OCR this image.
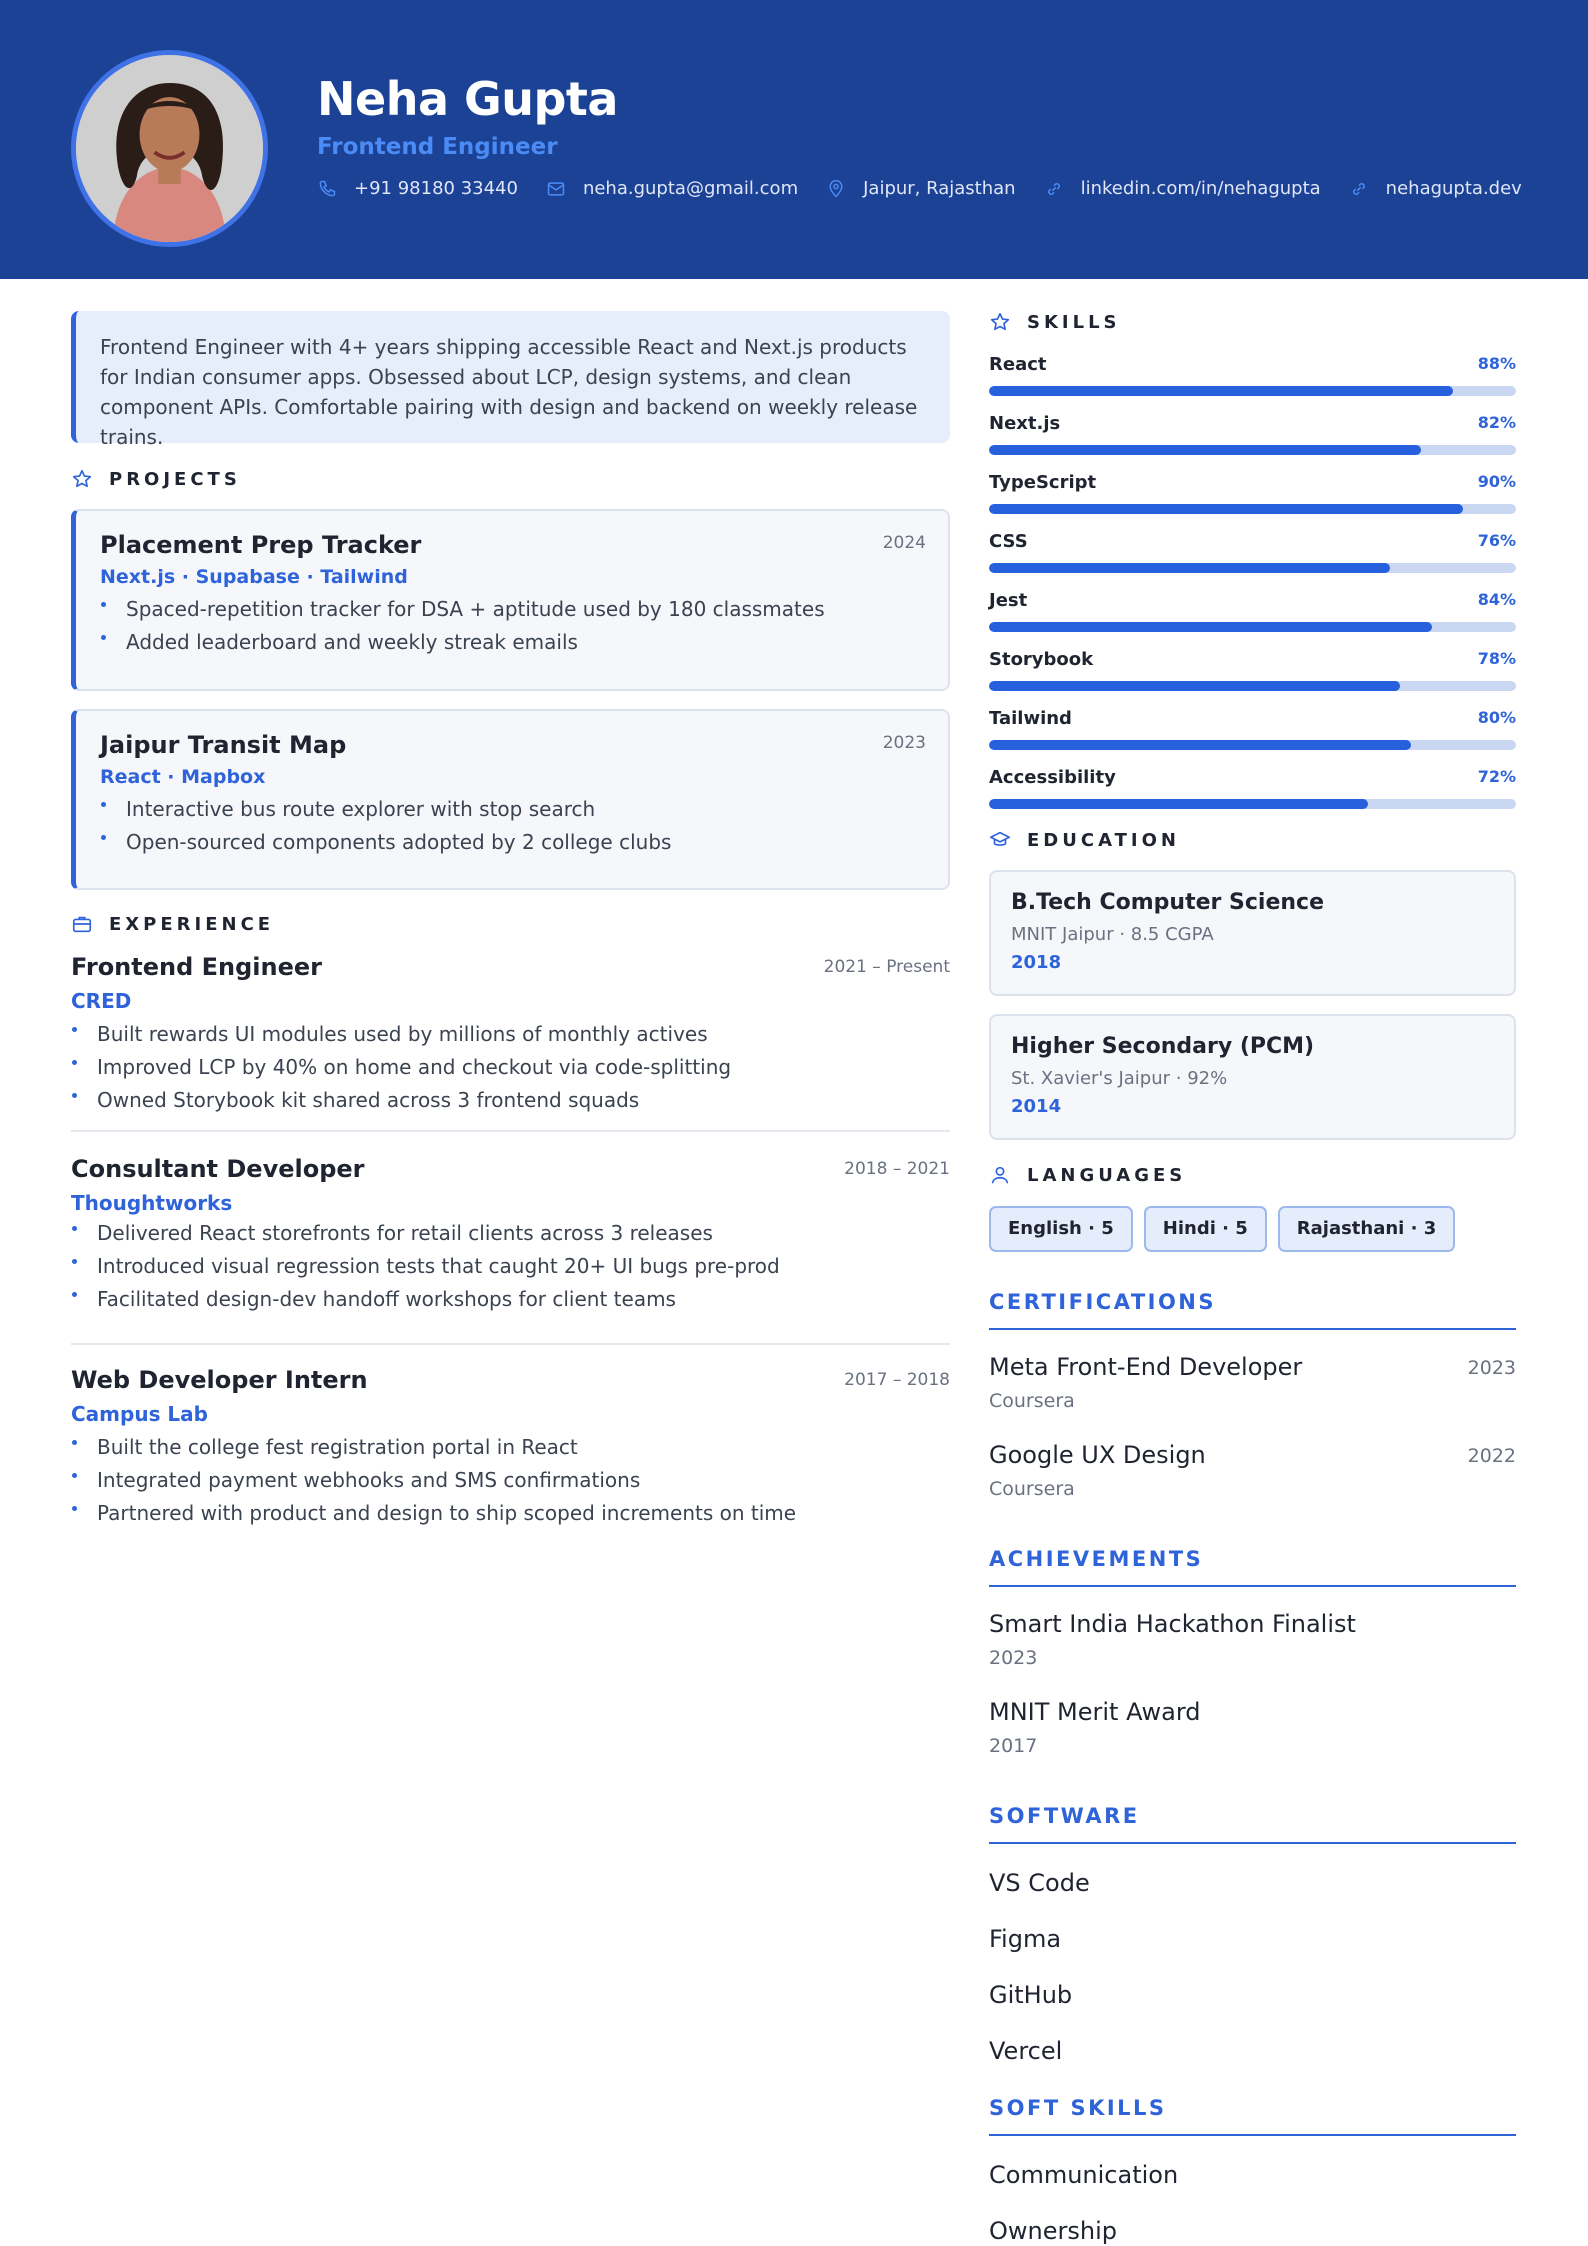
Neha Gupta
Frontend Engineer
+91 98180 33440	neha.gupta@gmail.com	Jaipur, Rajasthan	linkedin.com/in/nehagupta	nehagupta.dev
Frontend Engineer with 4+ years shipping accessible React and Next.js products for Indian consumer apps. Obsessed about LCP, design systems, and clean component APIs. Comfortable pairing with design and backend on weekly release trains.
PROJECTS
Placement Prep Tracker	2024
Next.js · Supabase · Tailwind
Spaced-repetition tracker for DSA + aptitude used by 180 classmates
Added leaderboard and weekly streak emails
Jaipur Transit Map	2023
React · Mapbox
Interactive bus route explorer with stop search
Open-sourced components adopted by 2 college clubs
EXPERIENCE
Frontend Engineer	2021 – Present
CRED
Built rewards UI modules used by millions of monthly actives
Improved LCP by 40% on home and checkout via code-splitting
Owned Storybook kit shared across 3 frontend squads
Consultant Developer	2018 – 2021
Thoughtworks
Delivered React storefronts for retail clients across 3 releases
Introduced visual regression tests that caught 20+ UI bugs pre-prod
Facilitated design-dev handoff workshops for client teams
Web Developer Intern	2017 – 2018
Campus Lab
Built the college fest registration portal in React
Integrated payment webhooks and SMS confirmations
Partnered with product and design to ship scoped increments on time
SKILLS
React	88%
Next.js	82%
TypeScript	90%
CSS	76%
Jest	84%
Storybook	78%
Tailwind	80%
Accessibility	72%
EDUCATION
B.Tech Computer Science
MNIT Jaipur · 8.5 CGPA
2018
Higher Secondary (PCM)
St. Xavier's Jaipur · 92%
2014
LANGUAGES
English · 5	Hindi · 5	Rajasthani · 3
CERTIFICATIONS
Meta Front-End Developer	2023
Coursera
Google UX Design	2022
Coursera
ACHIEVEMENTS
Smart India Hackathon Finalist
2023
MNIT Merit Award
2017
SOFTWARE
VS Code
Figma
GitHub
Vercel
SOFT SKILLS
Communication
Ownership
